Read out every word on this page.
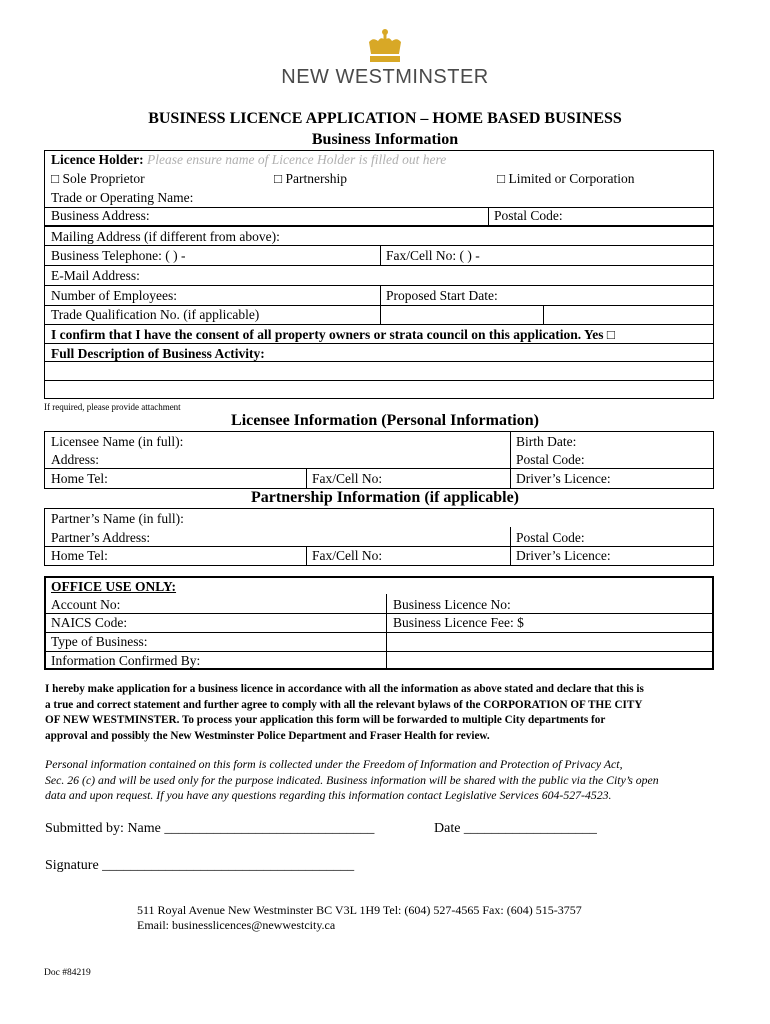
NEW WESTMINSTER
BUSINESS LICENCE APPLICATION – HOME BASED BUSINESS
Business Information
Licence Holder: Please ensure name of Licence Holder is filled out here
□ Sole Proprietor	□ Partnership	□ Limited or Corporation
Trade or Operating Name:
Business Address:	Postal Code:
Mailing Address (if different from above):
Business Telephone: ( ) -	Fax/Cell No: ( ) -
E-Mail Address:
Number of Employees:	Proposed Start Date:
Trade Qualification No. (if applicable)
I confirm that I have the consent of all property owners or strata council on this application. Yes □
Full Description of Business Activity:
If required, please provide attachment
Licensee Information (Personal Information)
Licensee Name (in full):	Birth Date:
Address:	Postal Code:
Home Tel:	Fax/Cell No:	Driver’s Licence:
Partnership Information (if applicable)
Partner’s Name (in full):
Partner’s Address:	Postal Code:
Home Tel:	Fax/Cell No:	Driver’s Licence:
OFFICE USE ONLY:
Account No:	Business Licence No:
NAICS Code:	Business Licence Fee: $
Type of Business:
Information Confirmed By:
I hereby make application for a business licence in accordance with all the information as above stated and declare that this is
a true and correct statement and further agree to comply with all the relevant bylaws of the CORPORATION OF THE CITY
OF NEW WESTMINSTER. To process your application this form will be forwarded to multiple City departments for
approval and possibly the New Westminster Police Department and Fraser Health for review.
Personal information contained on this form is collected under the Freedom of Information and Protection of Privacy Act,
Sec. 26 (c) and will be used only for the purpose indicated. Business information will be shared with the public via the City’s open
data and upon request. If you have any questions regarding this information contact Legislative Services 604-527-4523.
Submitted by: Name ______________________________	Date ___________________
Signature ____________________________________
511 Royal Avenue New Westminster BC V3L 1H9 Tel: (604) 527-4565 Fax: (604) 515-3757
Email: businesslicences@newwestcity.ca
Doc #84219
